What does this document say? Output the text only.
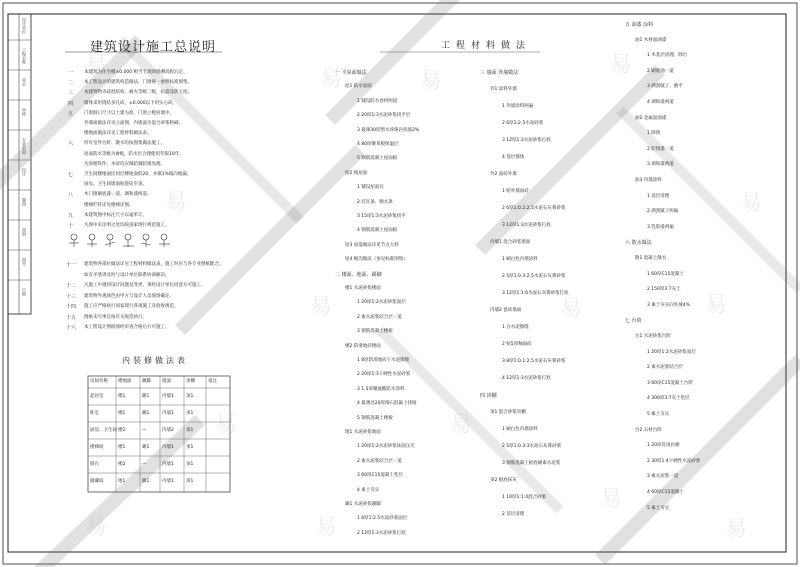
设计单位
工程名称
审定
审核
专业负责
设计
制图
图别
图号
日期
建筑设计施工总说明
一 本建筑为住宅楼±0.000 相当于现场勘测高程后定。
二 本工程设计的建筑构造做法、门窗统一参照标准图集。
三 本建筑物为砖混结构，耐火等级二级，抗震设防七度。
四 墙体采用烧结多孔砖，±0.000以下用实心砖。
五 门窗洞口尺寸以土建为准，门窗立樘居墙中。
外墙面做法详见立面图，内墙面为混合砂浆粉刷。
楼地面做法详见工程材料做法表。
六 所有室外台阶、散水均按图集做法施工。
屋面防水等级为III级，防水层合理使用年限10年。
凡预埋铁件、木砖均应做防腐防锈处理。
七 卫生间楼地面比同层楼地面低20，并做1%坡向地漏。
厨房、卫生间墙面贴瓷砖至顶。
八 木门窗刷底漆一道、调和漆两道。
楼梯栏杆详见楼梯详图。
九 本建筑图中标注尺寸以毫米计。
十 凡图中未注明之处均按国家现行规范施工。
十一 建筑物各部位做法详见工程材料做法表，施工时应与各专业图纸配合。
如有矛盾请及时与设计单位联系协商解决。
十二 凡施工中遇到设计问题及变更，须经设计单位同意方可施工。
十三 建筑物外观颜色由甲方与设计人员现场确定。
十四 施工应严格执行国家现行各项施工及验收规范。
十五 图纸未尽事宜按有关规范执行。
十六 本工程设计图纸须经审查合格后方可施工。
内装修做法表
房间名称 楼地面 踢脚 墙面	顶棚	备注
起居室	楼1	踢1	内墙1	顶1
卧室	楼1	踢1	内墙1	顶1
厨房、卫生间 楼2	—	内墙2	顶1
楼梯间	楼1	踢1	内墙1	顶1
阳台	楼2	—	内墙1	顶1
储藏间	地1	踢1	内墙1	顶1
工程材料做法
一 平屋面做法
屋1 防水屋面
1 铺设防水卷材两道
2 20厚1:3水泥砂浆找平层
3 最薄30厚憎水珍珠岩找坡2%
4 80厚聚苯板保温层
5 钢筋混凝土屋面板
屋2 坡屋面
1 铺设屋面瓦
2 挂瓦条、顺水条
3 15厚1:3水泥砂浆找平
4 钢筋混凝土屋面板
屋3 雨篷做法详见节点大样
屋4 檐沟做法（参见标准图集）
二 楼面、地面、踢脚
楼1 水泥砂浆楼面
1 20厚1:2水泥砂浆面层
2 素水泥浆结合层一道
3 钢筋混凝土楼板
楼2 防滑地砖楼面
1 8厚防滑地砖干水泥擦缝
2 20厚1:3干硬性水泥砂浆
3 1.5厚聚氨酯防水涂料
4 最薄处20厚细石混凝土找坡
5 钢筋混凝土楼板
地1 水泥砂浆地面
1 20厚1:2水泥砂浆抹面压光
2 素水泥浆结合层一道
3 60厚C15混凝土垫层
4 素土夯实
踢1 水泥砂浆踢脚
1 6厚1:2.5水泥砂浆面层
2 12厚1:3水泥砂浆打底
三 墙面 外墙做法
外1 涂料外墙
1 外墙涂料两遍
2 6厚1:2.5水泥砂浆
3 12厚1:3水泥砂浆打底
4 基层墙体
外2 面砖外墙
1 贴外墙面砖
2 6厚1:0.2:2.5水泥石灰膏砂浆
3 12厚1:3水泥砂浆打底
内墙1 混合砂浆墙面
1 刷白色内墙涂料
2 5厚1:0.3:2.5水泥石灰膏砂浆
3 12厚1:1:6水泥石灰膏砂浆打底
内墙2 瓷砖墙面
1 白水泥擦缝
2 贴5厚釉面砖
3 8厚1:0.1:2.5水泥石灰膏砂浆
4 12厚1:3水泥砂浆打底
四 顶棚
顶1 混合砂浆顶棚
1 刷白色内墙涂料
2 5厚1:0.3:3水泥石灰膏砂浆
3 钢筋混凝土板底刷素水泥浆
顶2 板底抹灰
1 10厚1:1:4混合砂浆
2 基层清理
五 油漆 涂料
油1 木材面油漆
1 木基层清理、除污
2 刷底油一道
3 满刮腻子、磨平
4 调和漆两道
油2 金属面油漆
1 除锈
2 防锈漆一道
3 调和漆两道
油3 内墙涂料
1 基层清理
2 满刮腻子两遍
3 乳胶漆两遍
六 散水做法
散1 混凝土散水
1 60厚C15混凝土
2 150厚3:7灰土
3 素土夯实向外坡4%
七 台阶
台1 水泥砂浆台阶
1 20厚1:2水泥砂浆面层
2 素水泥浆结合层
3 60厚C15混凝土台阶
4 300厚3:7灰土垫层
5 素土夯实
台2 石材台阶
1 20厚花岗岩板
2 30厚1:4干硬性水泥砂浆
3 素水泥浆一道
4 60厚C15混凝土
5 素土夯实
易
易	易
易
易
易	易	易
易
易
易
易
易
易
易
